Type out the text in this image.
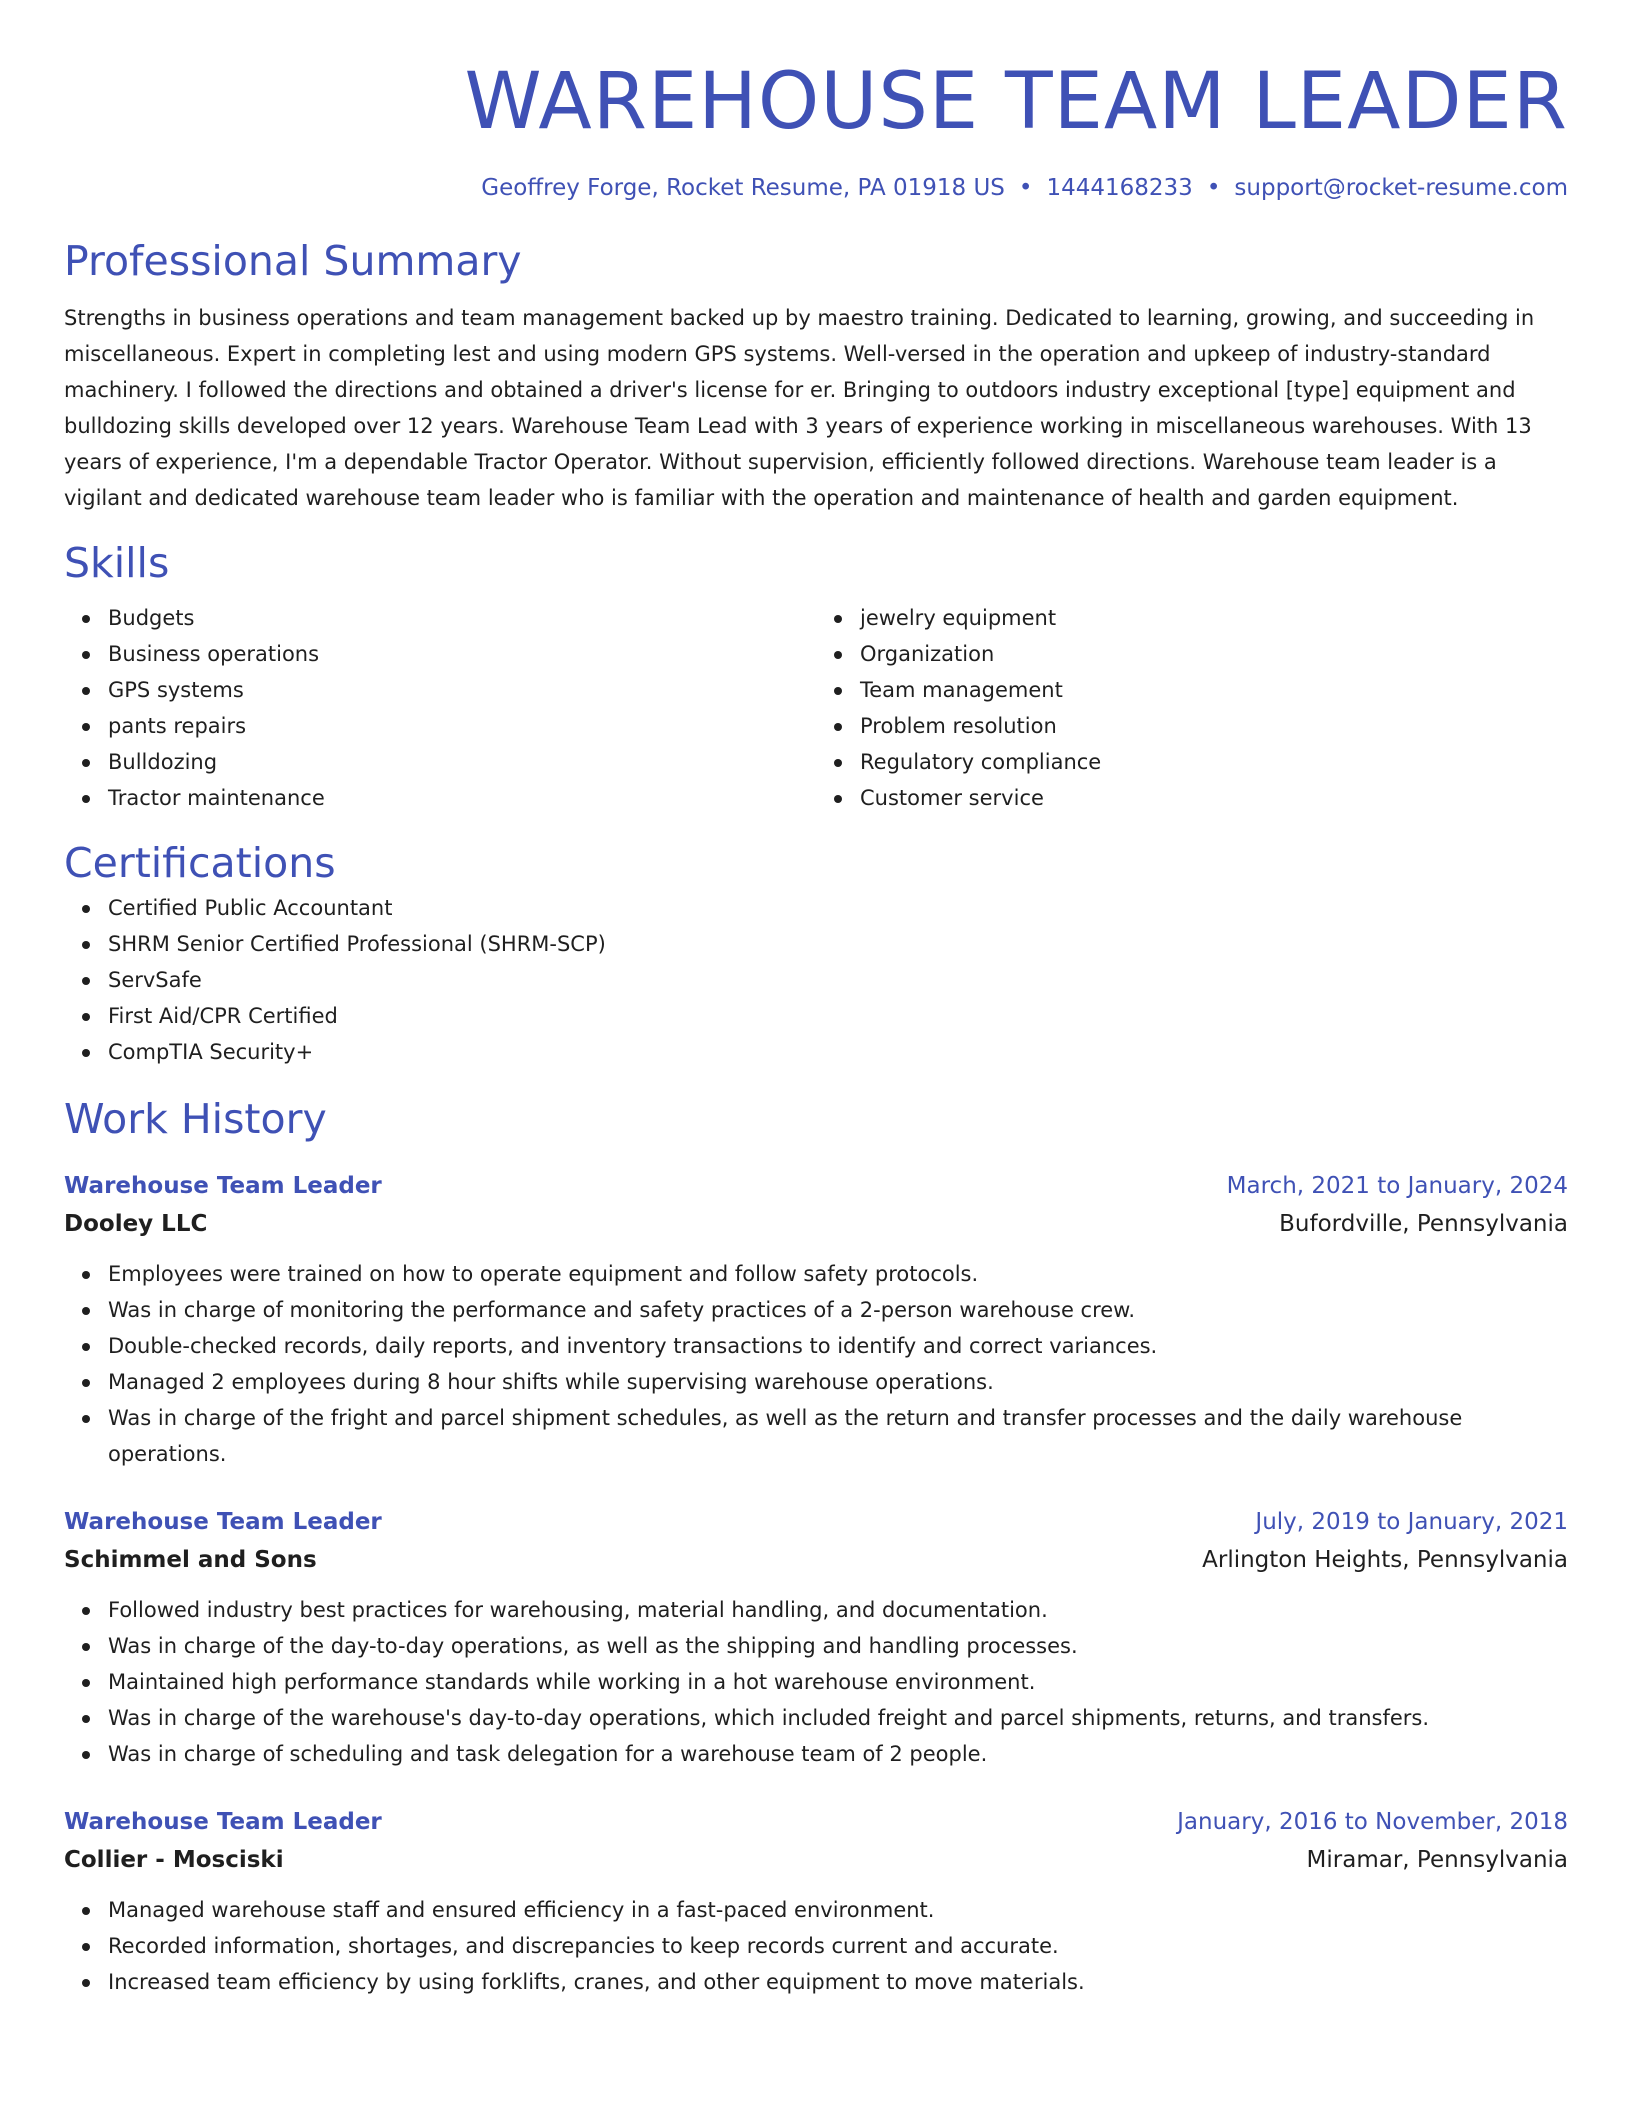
WAREHOUSE TEAM LEADER
Geoffrey Forge, Rocket Resume, PA 01918 US • 1444168233 • support@rocket-resume.com
Professional Summary

Strengths in business operations and team management backed up by maestro training. Dedicated to learning, growing, and succeeding in miscellaneous. Expert in completing lest and using modern GPS systems. Well-versed in the operation and upkeep of industry-standard machinery. I followed the directions and obtained a driver's license for er. Bringing to outdoors industry exceptional [type] equipment and bulldozing skills developed over 12 years. Warehouse Team Lead with 3 years of experience working in miscellaneous warehouses. With 13 years of experience, I'm a dependable Tractor Operator. Without supervision, efficiently followed directions. Warehouse team leader is a vigilant and dedicated warehouse team leader who is familiar with the operation and maintenance of health and garden equipment.

Skills
Budgets
Business operations
GPS systems
pants repairs
Bulldozing
Tractor maintenance
jewelry equipment
Organization
Team management
Problem resolution
Regulatory compliance
Customer service
Certifications
Certified Public Accountant
SHRM Senior Certified Professional (SHRM-SCP)
ServSafe
First Aid/CPR Certified
CompTIA Security+
Work History
Warehouse Team Leader	March, 2021 to January, 2024
Dooley LLC	Bufordville, Pennsylvania
Employees were trained on how to operate equipment and follow safety protocols.
Was in charge of monitoring the performance and safety practices of a 2-person warehouse crew.
Double-checked records, daily reports, and inventory transactions to identify and correct variances.
Managed 2 employees during 8 hour shifts while supervising warehouse operations.
Was in charge of the fright and parcel shipment schedules, as well as the return and transfer processes and the daily warehouse operations.
Warehouse Team Leader	July, 2019 to January, 2021
Schimmel and Sons	Arlington Heights, Pennsylvania
Followed industry best practices for warehousing, material handling, and documentation.
Was in charge of the day-to-day operations, as well as the shipping and handling processes.
Maintained high performance standards while working in a hot warehouse environment.
Was in charge of the warehouse's day-to-day operations, which included freight and parcel shipments, returns, and transfers.
Was in charge of scheduling and task delegation for a warehouse team of 2 people.
Warehouse Team Leader	January, 2016 to November, 2018
Collier - Mosciski	Miramar, Pennsylvania
Managed warehouse staff and ensured efficiency in a fast-paced environment.
Recorded information, shortages, and discrepancies to keep records current and accurate.
Increased team efficiency by using forklifts, cranes, and other equipment to move materials.
